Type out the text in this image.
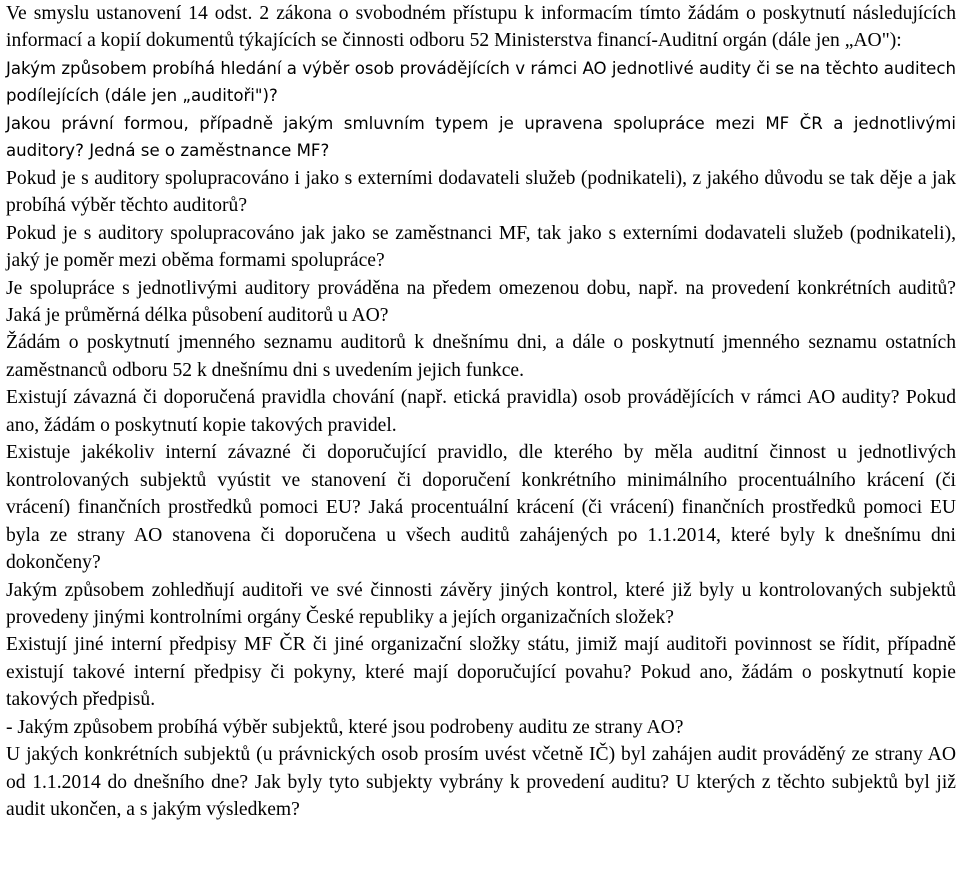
Ve smyslu ustanovení 14 odst. 2 zákona o svobodném přístupu k informacím tímto žádám o poskytnutí následujících informací a kopií dokumentů týkajících se činnosti odboru 52 Ministerstva financí-Auditní orgán (dále jen „AO"):

Jakým způsobem probíhá hledání a výběr osob provádějících v rámci AO jednotlivé audity či se na těchto auditech podílejících (dále jen „auditoři")?

Jakou právní formou, případně jakým smluvním typem je upravena spolupráce mezi MF ČR a jednotlivými auditory? Jedná se o zaměstnance MF?

Pokud je s auditory spolupracováno i jako s externími dodavateli služeb (podnikateli), z jakého důvodu se tak děje a jak probíhá výběr těchto auditorů?

Pokud je s auditory spolupracováno jak jako se zaměstnanci MF, tak jako s externími dodavateli služeb (podnikateli), jaký je poměr mezi oběma formami spolupráce?

Je spolupráce s jednotlivými auditory prováděna na předem omezenou dobu, např. na provedení konkrétních auditů? Jaká je průměrná délka působení auditorů u AO?

Žádám o poskytnutí jmenného seznamu auditorů k dnešnímu dni, a dále o poskytnutí jmenného seznamu ostatních zaměstnanců odboru 52 k dnešnímu dni s uvedením jejich funkce.

Existují závazná či doporučená pravidla chování (např. etická pravidla) osob provádějících v rámci AO audity? Pokud ano, žádám o poskytnutí kopie takových pravidel.

Existuje jakékoliv interní závazné či doporučující pravidlo, dle kterého by měla auditní činnost u jednotlivých kontrolovaných subjektů vyústit ve stanovení či doporučení konkrétního minimálního procentuálního krácení (či vrácení) finančních prostředků pomoci EU? Jaká procentuální krácení (či vrácení) finančních prostředků pomoci EU byla ze strany AO stanovena či doporučena u všech auditů zahájených po 1.1.2014, které byly k dnešnímu dni dokončeny?

Jakým způsobem zohledňují auditoři ve své činnosti závěry jiných kontrol, které již byly u kontrolovaných subjektů provedeny jinými kontrolními orgány České republiky a jejích organizačních složek?

Existují jiné interní předpisy MF ČR či jiné organizační složky státu, jimiž mají auditoři povinnost se řídit, případně existují takové interní předpisy či pokyny, které mají doporučující povahu? Pokud ano, žádám o poskytnutí kopie takových předpisů.

- Jakým způsobem probíhá výběr subjektů, které jsou podrobeny auditu ze strany AO?

U jakých konkrétních subjektů (u právnických osob prosím uvést včetně IČ) byl zahájen audit prováděný ze strany AO od 1.1.2014 do dnešního dne? Jak byly tyto subjekty vybrány k provedení auditu? U kterých z těchto subjektů byl již audit ukončen, a s jakým výsledkem?
